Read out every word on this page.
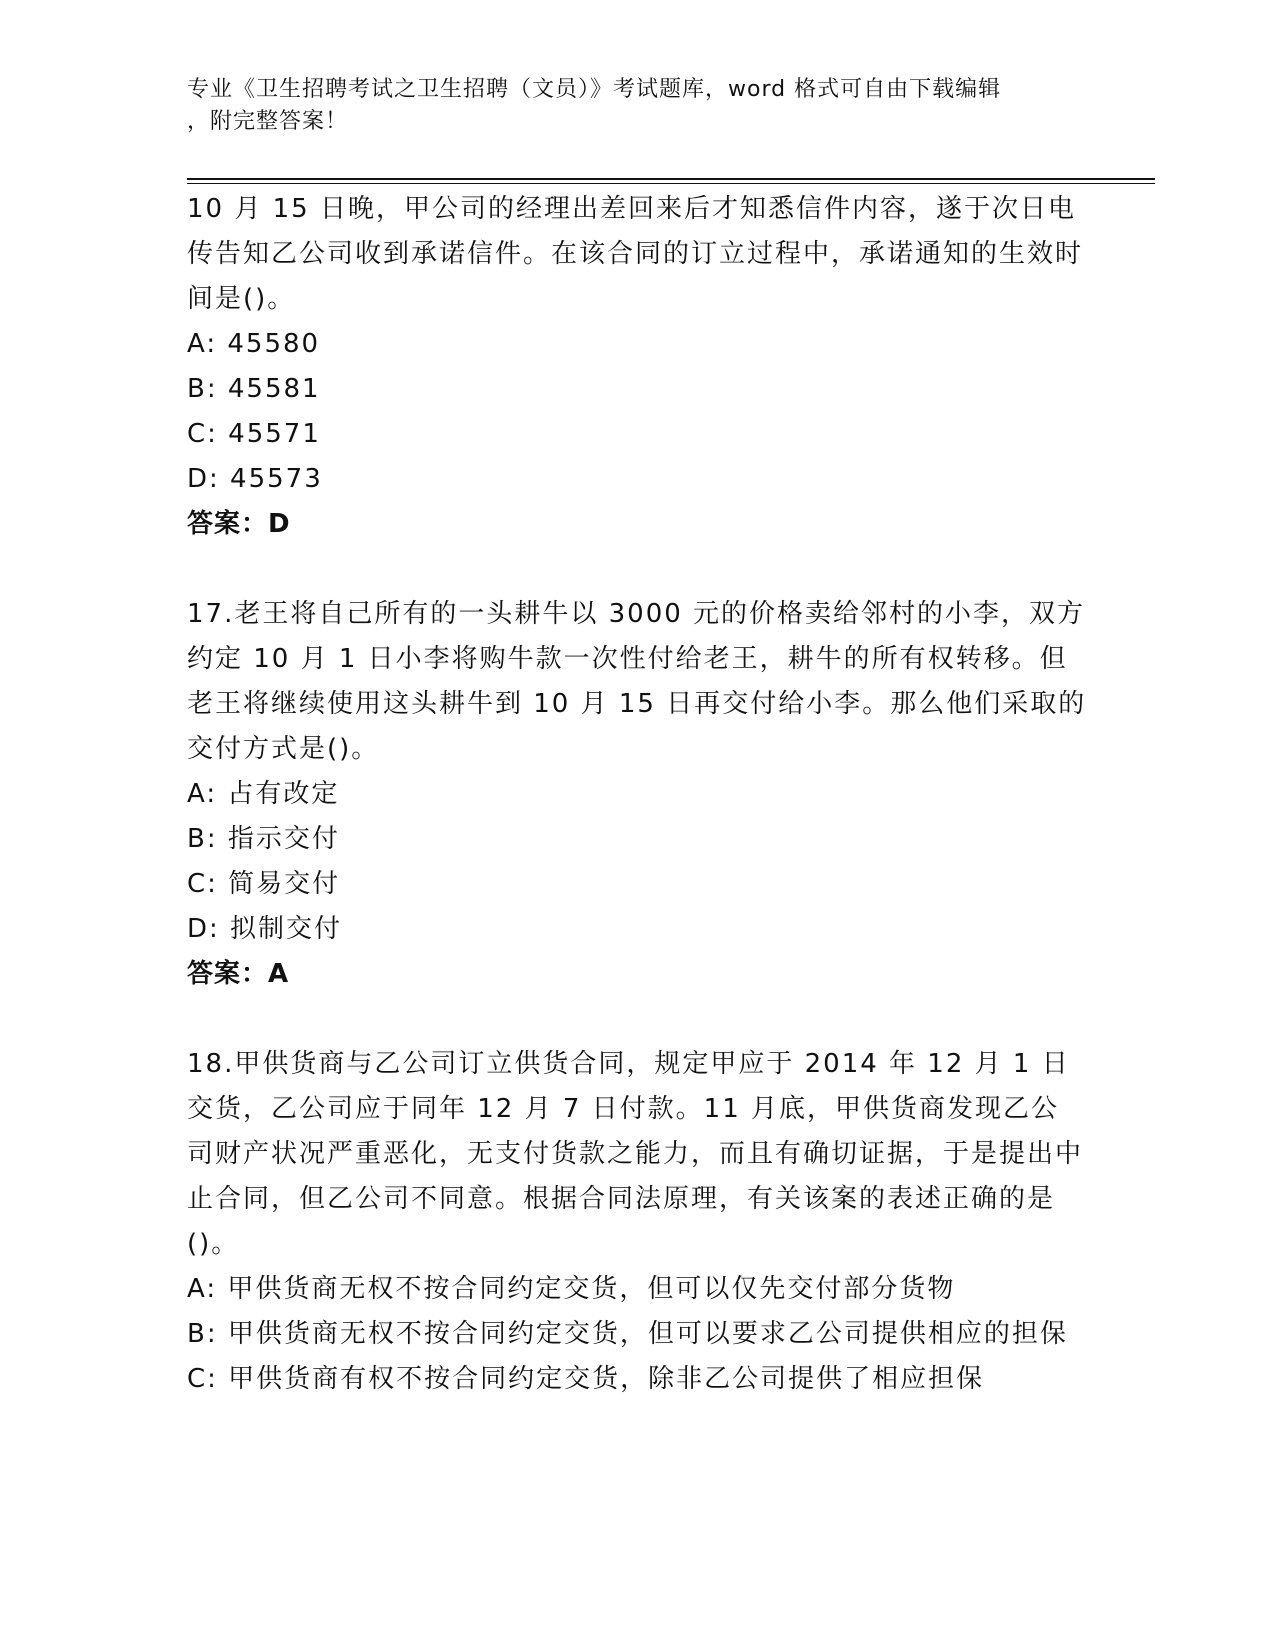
专业《卫生招聘考试之卫生招聘（文员）》考试题库，word 格式可自由下载编辑
，附完整答案！

10 月 15 日晚，甲公司的经理出差回来后才知悉信件内容，遂于次日电传告知乙公司收到承诺信件。在该合同的订立过程中，承诺通知的生效时间是()。

A: 45580

B: 45581

C: 45571

D: 45573

答案：D

17.老王将自己所有的一头耕牛以 3000 元的价格卖给邻村的小李，双方约定 10 月 1 日小李将购牛款一次性付给老王，耕牛的所有权转移。但老王将继续使用这头耕牛到 10 月 15 日再交付给小李。那么他们采取的交付方式是()。

A: 占有改定

B: 指示交付

C: 简易交付

D: 拟制交付

答案：A

18.甲供货商与乙公司订立供货合同，规定甲应于 2014 年 12 月 1 日交货，乙公司应于同年 12 月 7 日付款。11 月底，甲供货商发现乙公司财产状况严重恶化，无支付货款之能力，而且有确切证据，于是提出中止合同，但乙公司不同意。根据合同法原理，有关该案的表述正确的是()。

A: 甲供货商无权不按合同约定交货，但可以仅先交付部分货物

B: 甲供货商无权不按合同约定交货，但可以要求乙公司提供相应的担保

C: 甲供货商有权不按合同约定交货，除非乙公司提供了相应担保
